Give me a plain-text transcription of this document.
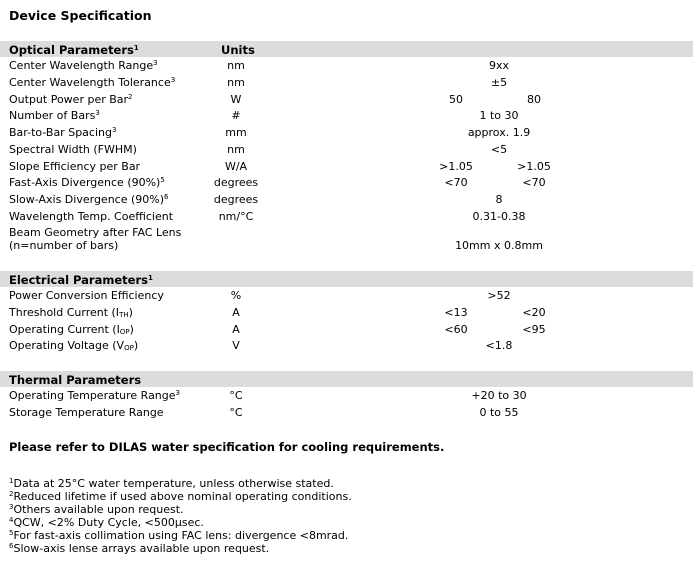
Device Specification
Optical Parameters$^1$	Units
Center Wavelength Range$^3$	nm	9xx
Center Wavelength Tolerance$^3$	nm	±5
Output Power per Bar$^2$	W	50	80
Number of Bars$^3$	#	1 to 30
Bar-to-Bar Spacing$^3$	mm	approx. 1.9
Spectral Width (FWHM)	nm	<5
Slope Efficiency per Bar	W/A	>1.05	>1.05
Fast-Axis Divergence $(90\%)^5$	degrees	<70	<70
Slow-Axis Divergence $(90\%)^6$	degrees	8
Wavelength Temp. Coefficient	nm/°C	0.31-0.38
Beam Geometry after FAC Lens
(n=number of bars)	10mm x 0.8mm
Electrical Parameters$^1$
Power Conversion Efficiency	%	>52
Threshold Current $(I_{TH})$	A	<13	<20
Operating Current $(I_{OP})$	A	<60	<95
Operating Voltage $(V_{OP})$	V	<1.8
Thermal Parameters
Operating Temperature Range$^3$	°C	+20 to 30
Storage Temperature Range	°C	0 to 55
Please refer to DILAS water specification for cooling requirements.
$^1$Data at 25°C water temperature, unless otherwise stated.
$^2$Reduced lifetime if used above nominal operating conditions.
$^3$Others available upon request.
$^4$QCW, <2% Duty Cycle, <500µsec.
$^5$For fast-axis collimation using FAC lens: divergence <8mrad.
$^6$Slow-axis lense arrays available upon request.
